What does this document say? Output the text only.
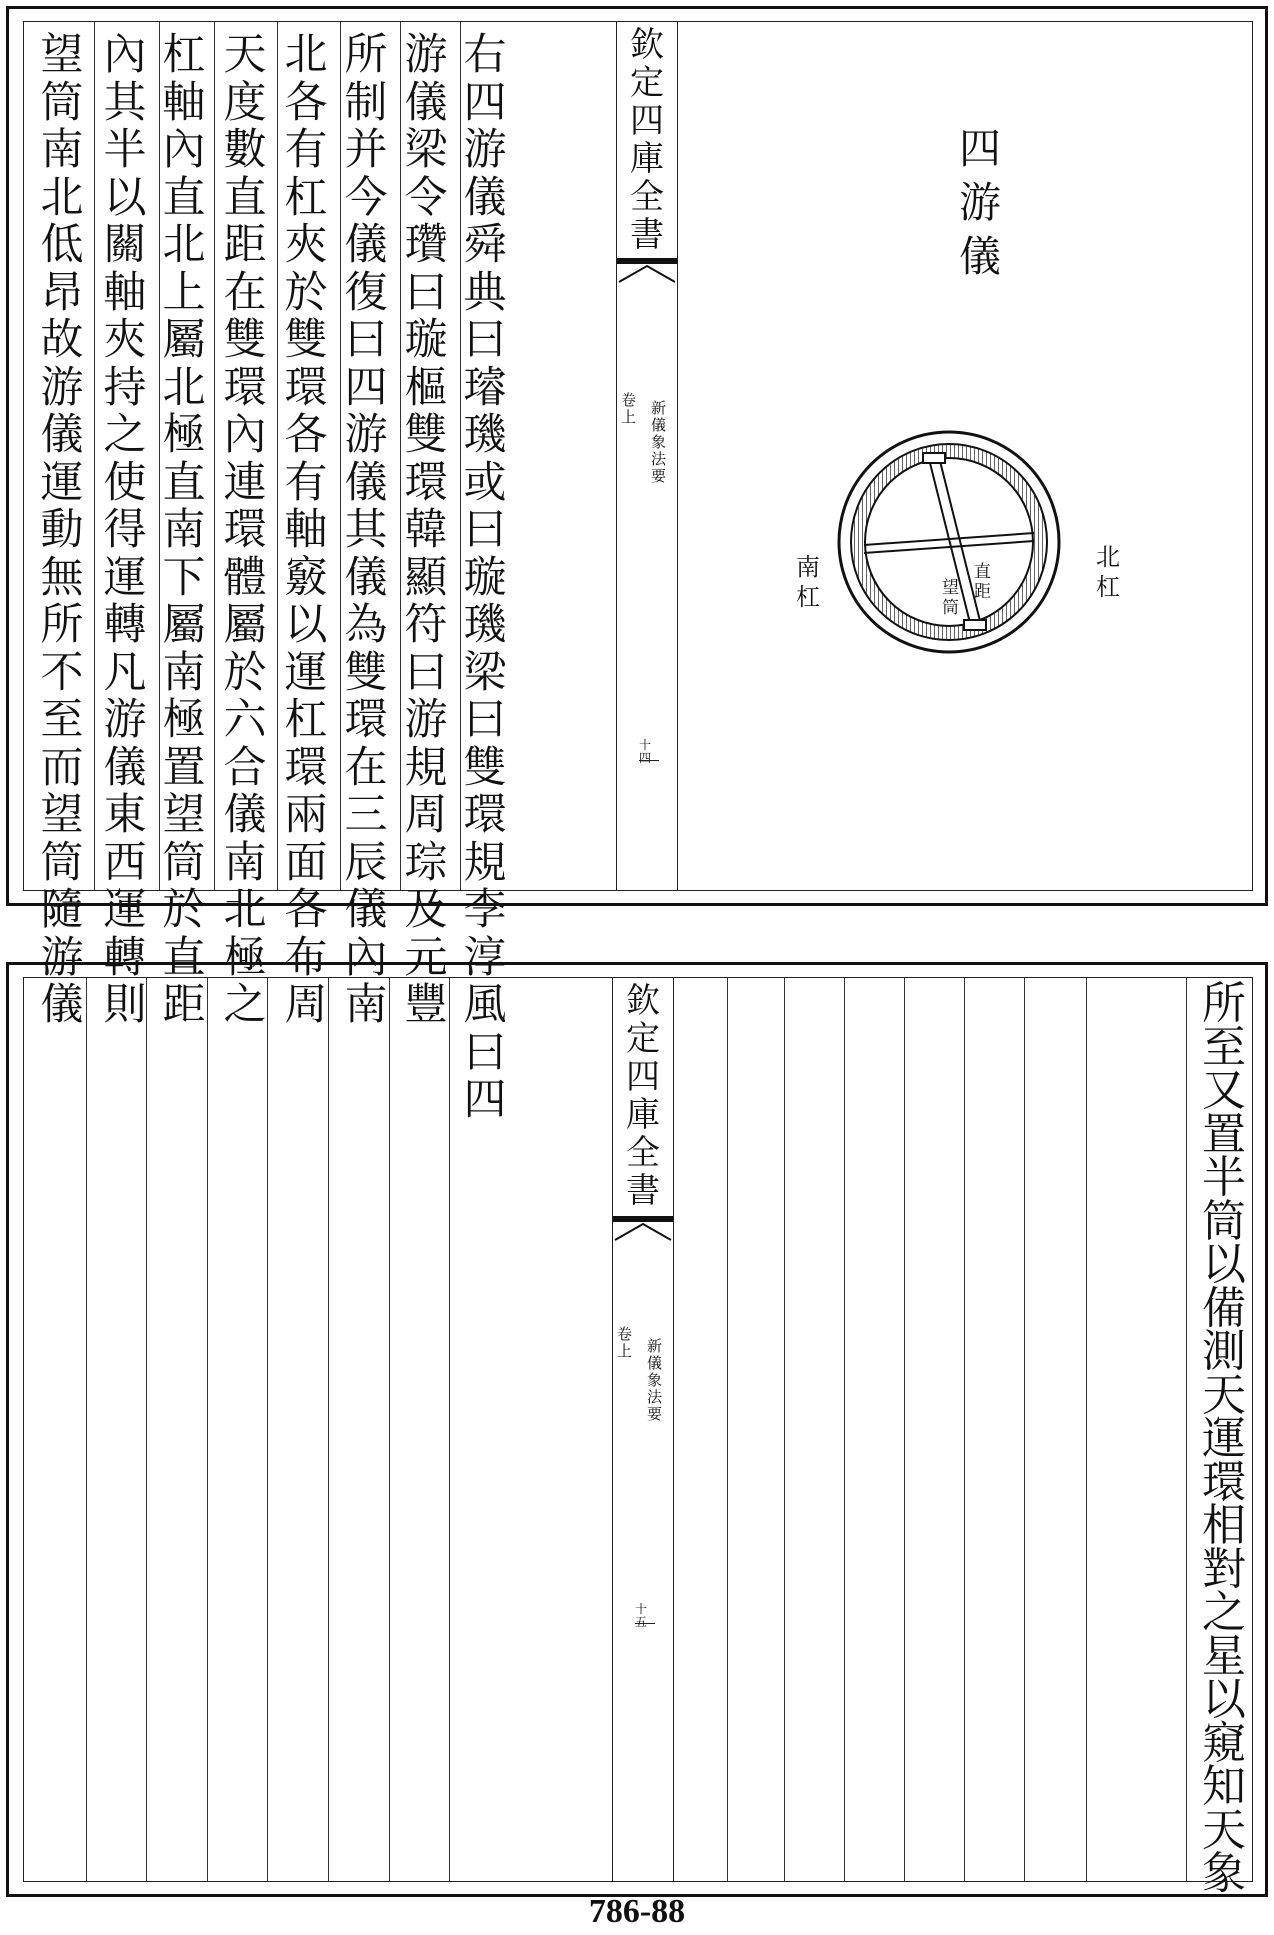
右
四
游
儀
舜
典
曰
璿
璣
或
曰
璇
璣
梁
曰
雙
環
規
李
淳
風
曰
四
游
儀
梁
令
瓚
曰
璇
樞
雙
環
韓
顯
符
曰
游
規
周
琮
及
元
豐
所
制
并
今
儀
復
曰
四
游
儀
其
儀
為
雙
環
在
三
辰
儀
內
南
北
各
有
杠
夾
於
雙
環
各
有
軸
竅
以
運
杠
環
兩
面
各
布
周
天
度
數
直
距
在
雙
環
內
連
環
體
屬
於
六
合
儀
南
北
極
之
杠
軸
內
直
北
上
屬
北
極
直
南
下
屬
南
極
置
望
筒
於
直
距
內
其
半
以
關
軸
夾
持
之
使
得
運
轉
凡
游
儀
東
西
運
轉
則
望
筒
南
北
低
昂
故
游
儀
運
動
無
所
不
至
而
望
筒
隨
游
儀
欽
定
四
庫
全
書
卷
上 新
儀
象
法
要
十
四
四
游
儀
直
距
望
筒
北
杠
南
杠
欽
定
四
庫
全
書
卷
上 新
儀
象
法
要
十
五
所
至
又
置
半
筒
以
備
測
天
運
環
相
對
之
星
以
窺
知
天
象
786-88
